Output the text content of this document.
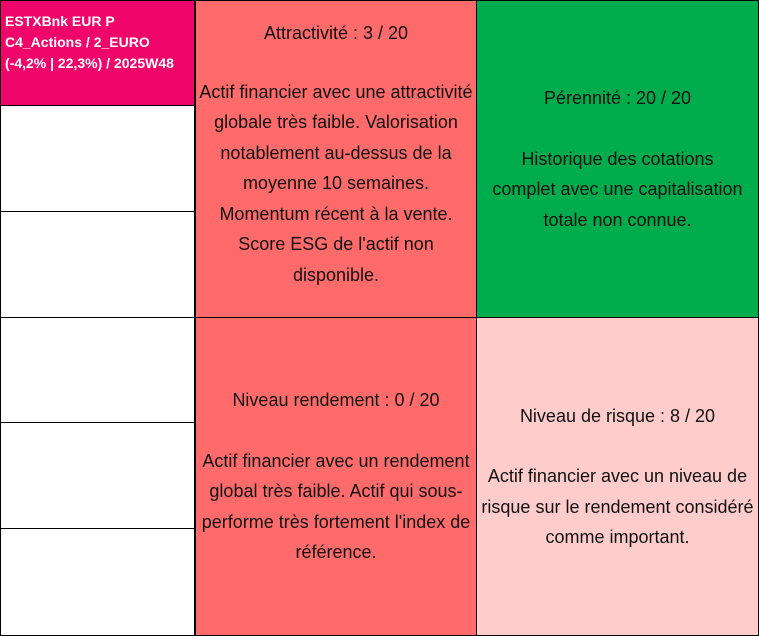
ESTXBnk EUR P
C4_Actions / 2_EURO
(-4,2% | 22,3%) / 2025W48
Attractivité : 3 / 20
Actif financier avec une attractivité globale très faible. Valorisation notablement au-dessus de la moyenne 10 semaines. Momentum récent à la vente. Score ESG de l'actif non disponible.
Pérennité : 20 / 20
Historique des cotations complet avec une capitalisation totale non connue.
Niveau rendement : 0 / 20
Actif financier avec un rendement global très faible. Actif qui sous-performe très fortement l'index de référence.
Niveau de risque : 8 / 20
Actif financier avec un niveau de risque sur le rendement considéré comme important.
